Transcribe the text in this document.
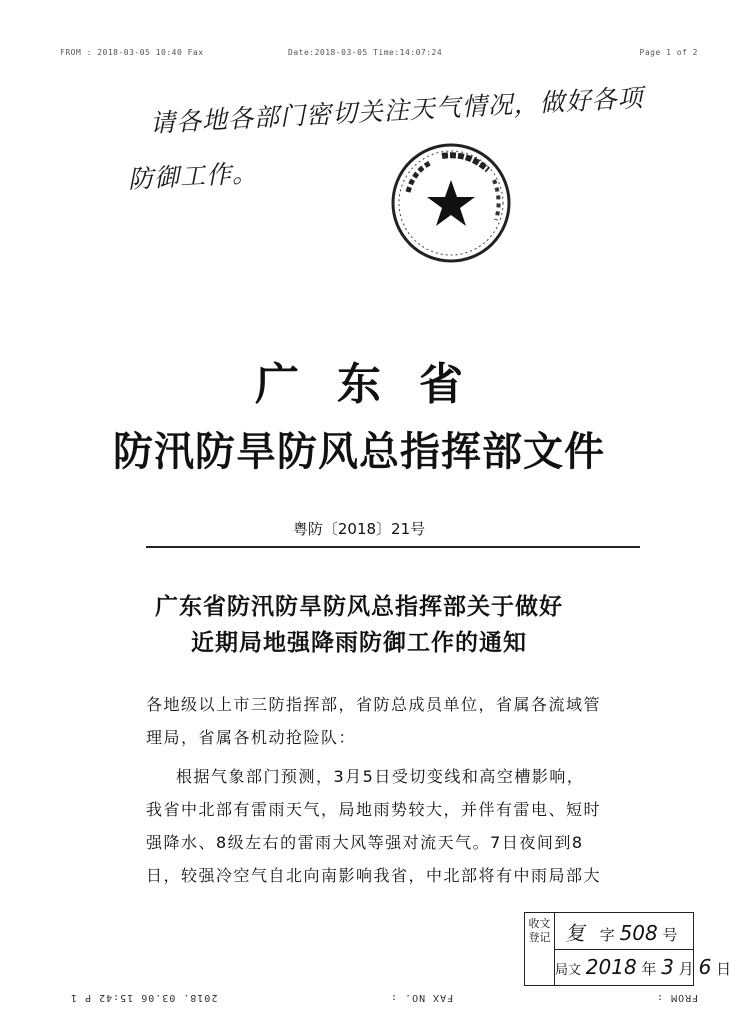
FROM : 2018-03-05 10:40 Fax	Date:2018-03-05 Time:14:07:24	Page 1 of 2
请各地各部门密切关注天气情况，做好各项
防御工作。
广东省
防汛防旱防风总指挥部文件
粤防〔2018〕21号
广东省防汛防旱防风总指挥部关于做好
近期局地强降雨防御工作的通知
各地级以上市三防指挥部，省防总成员单位，省属各流域管
理局，省属各机动抢险队：
根据气象部门预测，3月5日受切变线和高空槽影响，
我省中北部有雷雨天气，局地雨势较大，并伴有雷电、短时
强降水、8级左右的雷雨大风等强对流天气。7日夜间到8
日，较强冷空气自北向南影响我省，中北部将有中雨局部大
收文登记 复 字 508 号
局文 2018 年 3 月 6 日
2018. 03.06 15:42 P 1	FAX NO. :	FROM :
